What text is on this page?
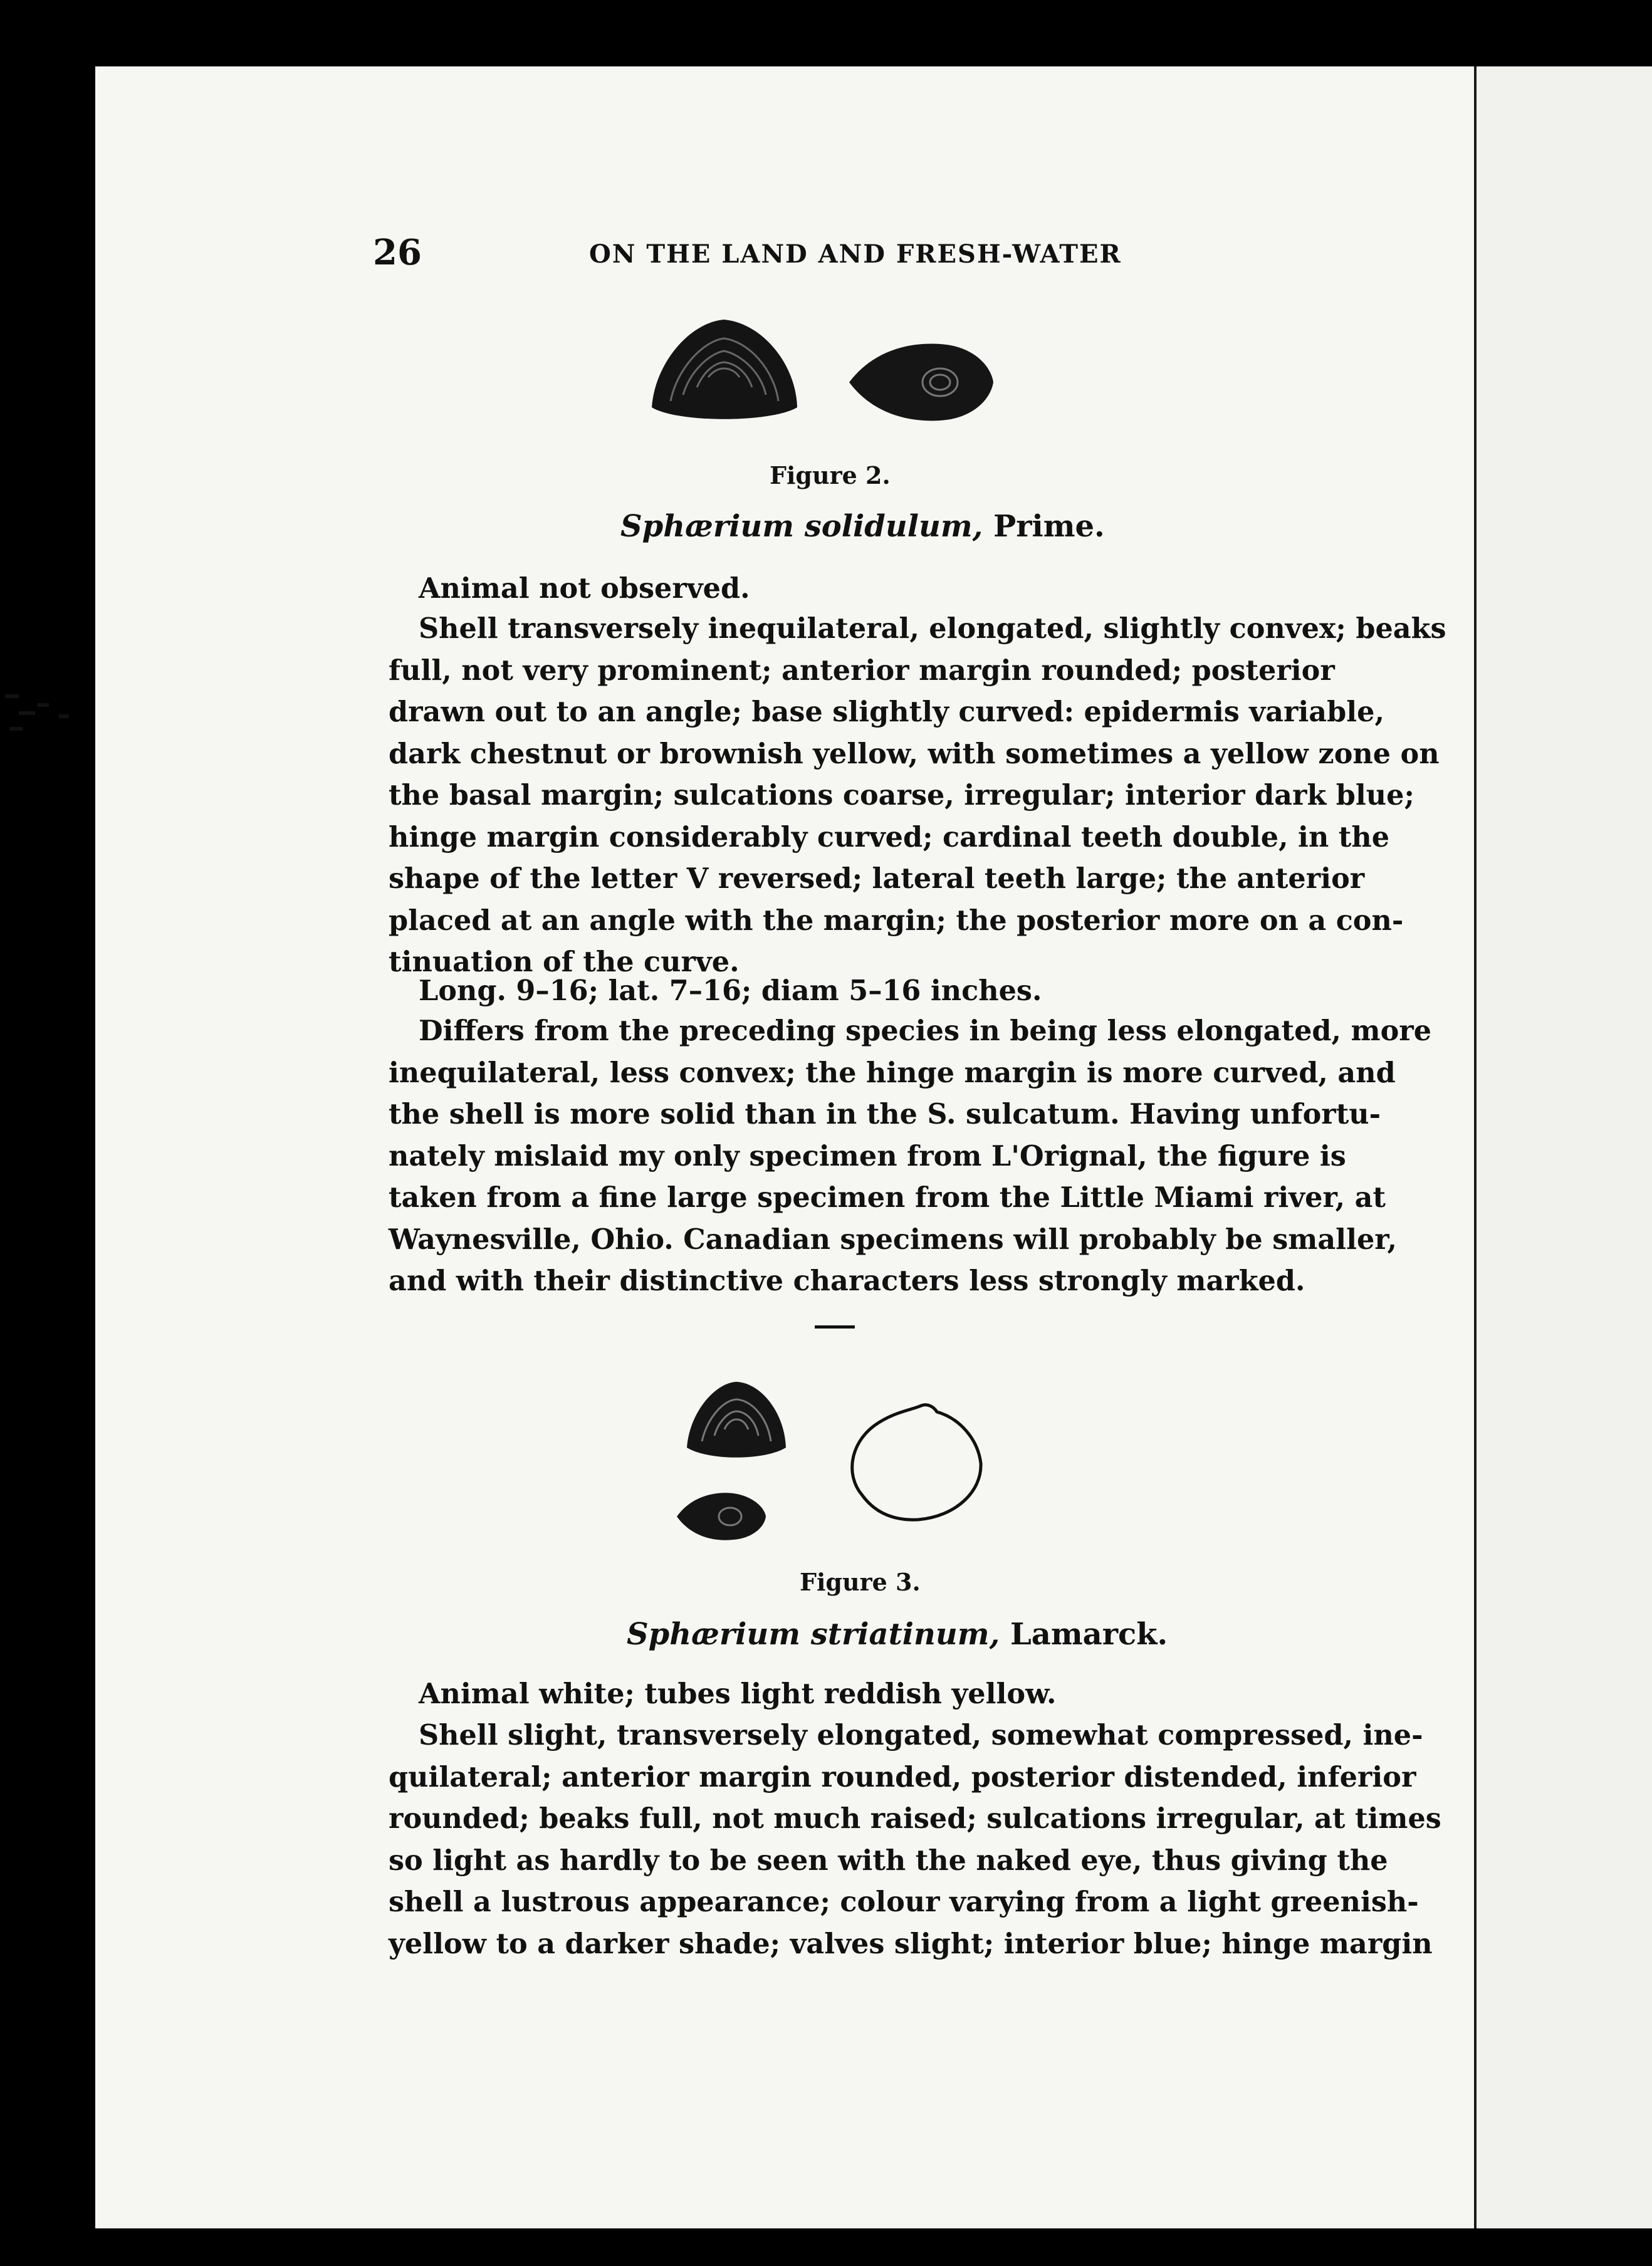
26	ON THE LAND AND FRESH-WATER
Figure 2.
Sphærium solidulum, Prime.

Animal not observed.

Shell transversely inequilateral, elongated, slightly convex; beaks
full, not very prominent; anterior margin rounded; posterior
drawn out to an angle; base slightly curved: epidermis variable,
dark chestnut or brownish yellow, with sometimes a yellow zone on
the basal margin; sulcations coarse, irregular; interior dark blue;
hinge margin considerably curved; cardinal teeth double, in the
shape of the letter V reversed; lateral teeth large; the anterior
placed at an angle with the margin; the posterior more on a con-
tinuation of the curve.

Long. 9–16; lat. 7–16; diam 5–16 inches.

Differs from the preceding species in being less elongated, more
inequilateral, less convex; the hinge margin is more curved, and
the shell is more solid than in the S. sulcatum. Having unfortu-
nately mislaid my only specimen from L'Orignal, the figure is
taken from a fine large specimen from the Little Miami river, at
Waynesville, Ohio. Canadian specimens will probably be smaller,
and with their distinctive characters less strongly marked.

Figure 3.
Sphærium striatinum, Lamarck.

Animal white; tubes light reddish yellow.

Shell slight, transversely elongated, somewhat compressed, ine-
quilateral; anterior margin rounded, posterior distended, inferior
rounded; beaks full, not much raised; sulcations irregular, at times
so light as hardly to be seen with the naked eye, thus giving the
shell a lustrous appearance; colour varying from a light greenish-
yellow to a darker shade; valves slight; interior blue; hinge margin
